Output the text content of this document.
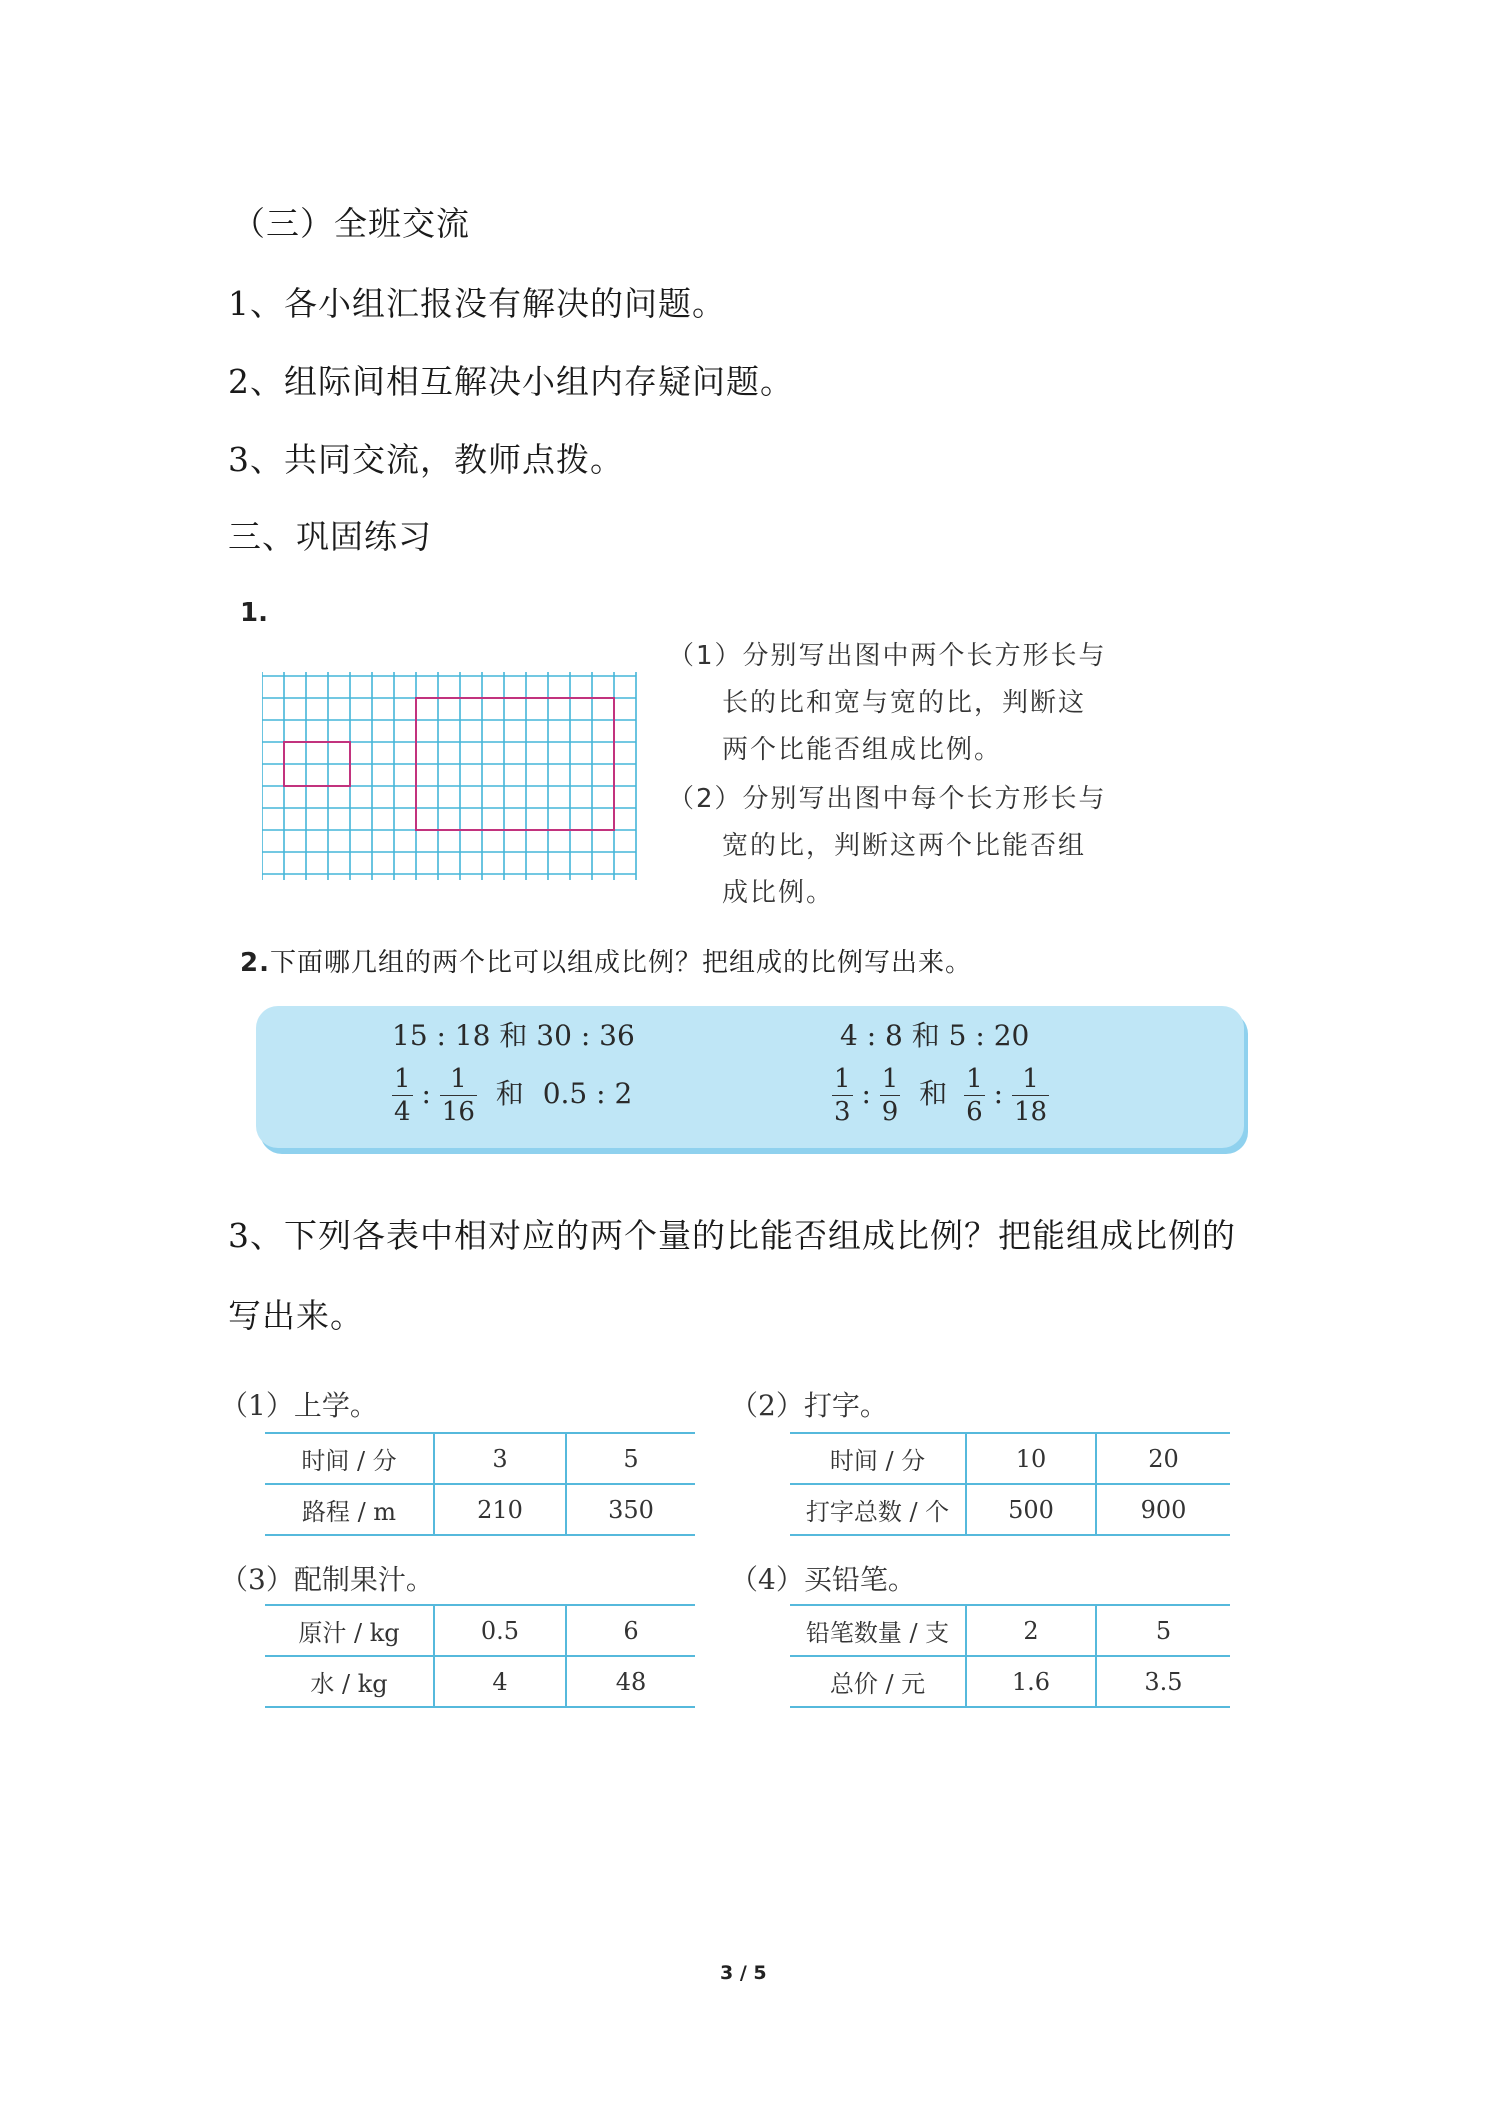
（三）全班交流
1、各小组汇报没有解决的问题。
2、组际间相互解决小组内存疑问题。
3、共同交流，教师点拨。
三、巩固练习
1.
（1）分别写出图中两个长方形长与
长的比和宽与宽的比，判断这
两个比能否组成比例。
（2）分别写出图中每个长方形长与
宽的比，判断这两个比能否组
成比例。
2.下面哪几组的两个比可以组成比例？把组成的比例写出来。
15 : 18 和 30 : 36	4 : 8 和 5 : 20
$\frac{1}{4}$ : $\frac{1}{16}$ 和 0.5 : 2	$\frac{1}{3}$ : $\frac{1}{9}$ 和 $\frac{1}{6}$ : $\frac{1}{18}$
3、下列各表中相对应的两个量的比能否组成比例？把能组成比例的
写出来。
（1）上学。
时间 / 分	3	5
路程 / m	210	350
（2）打字。
时间 / 分	10	20
打字总数 / 个	500	900
（3）配制果汁。
原汁 / kg	0.5	6
水 / kg	4	48
（4）买铅笔。
铅笔数量 / 支	2	5
总价 / 元	1.6	3.5
3 / 5
